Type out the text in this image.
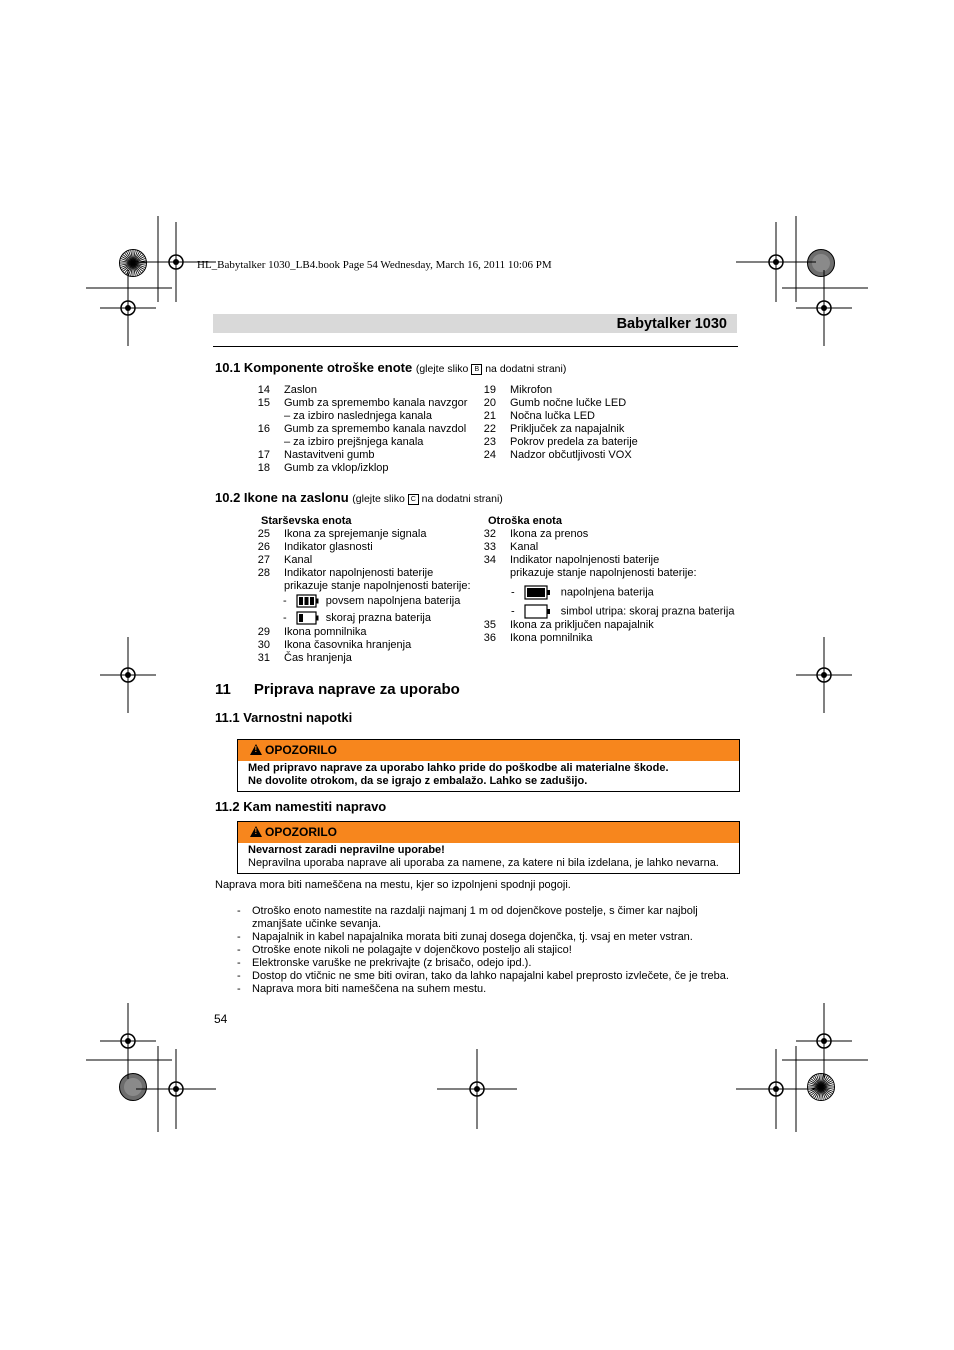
HL_Babytalker 1030_LB4.book Page 54 Wednesday, March 16, 2011 10:06 PM
Babytalker 1030
10.1 Komponente otroške enote (glejte sliko B na dodatni strani)
14 Zaslon
15 Gumb za spremembo kanala navzgor
– za izbiro naslednjega kanala
16 Gumb za spremembo kanala navzdol
– za izbiro prejšnjega kanala
17 Nastavitveni gumb
18 Gumb za vklop/izklop
19 Mikrofon
20 Gumb nočne lučke LED
21 Nočna lučka LED
22 Priključek za napajalnik
23 Pokrov predela za baterije
24 Nadzor občutljivosti VOX
10.2 Ikone na zaslonu (glejte sliko C na dodatni strani)
Starševska enota
25 Ikona za sprejemanje signala
26 Indikator glasnosti
27 Kanal
28 Indikator napolnjenosti baterije
prikazuje stanje napolnjenosti baterije:
-	povsem napolnjena baterija
-	skoraj prazna baterija
29 Ikona pomnilnika
30 Ikona časovnika hranjenja
31 Čas hranjenja
Otroška enota
32 Ikona za prenos
33 Kanal
34 Indikator napolnjenosti baterije
prikazuje stanje napolnjenosti baterije:
-	napolnjena baterija
-	simbol utripa: skoraj prazna baterija
35 Ikona za priključen napajalnik
36 Ikona pomnilnika
11 Priprava naprave za uporabo
11.1 Varnostni napotki
! OPOZORILO
Med pripravo naprave za uporabo lahko pride do poškodbe ali materialne škode.
Ne dovolite otrokom, da se igrajo z embalažo. Lahko se zadušijo.
11.2 Kam namestiti napravo
! OPOZORILO
Nevarnost zaradi nepravilne uporabe!
Nepravilna uporaba naprave ali uporaba za namene, za katere ni bila izdelana, je lahko nevarna.
Naprava mora biti nameščena na mestu, kjer so izpolnjeni spodnji pogoji.
- Otroško enoto namestite na razdalji najmanj 1 m od dojenčkove postelje, s čimer kar najbolj
zmanjšate učinke sevanja.
- Napajalnik in kabel napajalnika morata biti zunaj dosega dojenčka, tj. vsaj en meter vstran.
- Otroške enote nikoli ne polagajte v dojenčkovo posteljo ali stajico!
- Elektronske varuške ne prekrivajte (z brisačo, odejo ipd.).
- Dostop do vtičnic ne sme biti oviran, tako da lahko napajalni kabel preprosto izvlečete, če je treba.
- Naprava mora biti nameščena na suhem mestu.
54
